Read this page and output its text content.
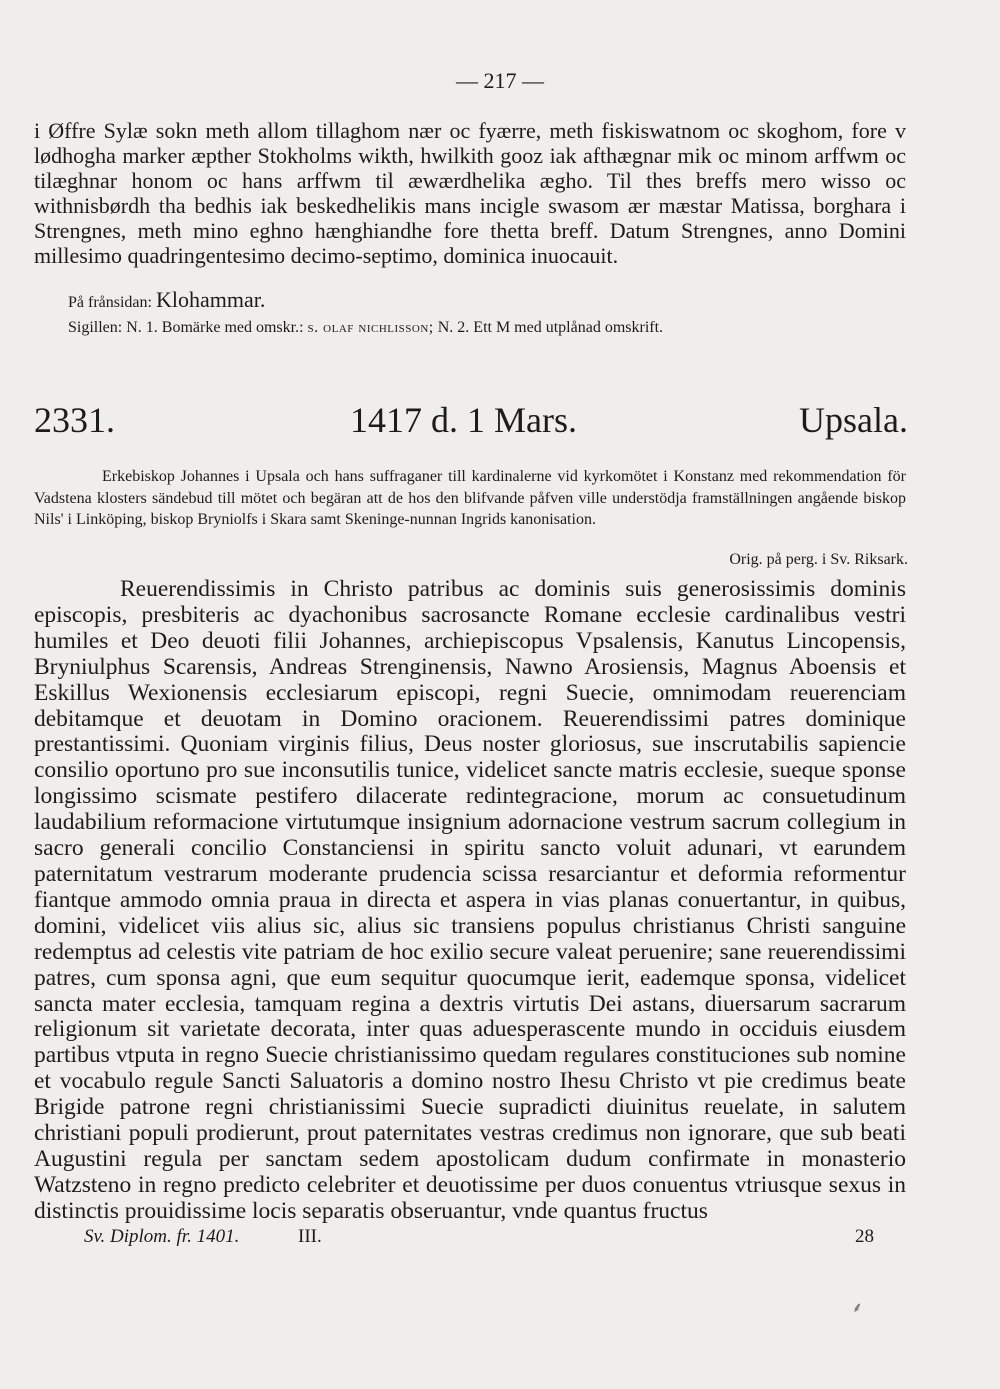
— 217 —
i Øffre Sylæ sokn meth allom tillaghom nær oc fyærre, meth fiskiswatnom oc skoghom, fore v lødhogha marker æpther Stokholms wikth, hwilkith gooz iak afthægnar mik oc minom arffwm oc tilæghnar honom oc hans arffwm til æwærdhelika ægho. Til thes breffs mero wisso oc withnisbørdh tha bedhis iak beskedhelikis mans incigle swasom ær mæstar Matissa, borghara i Strengnes, meth mino eghno hænghiandhe fore thetta breff. Datum Strengnes, anno Domini millesimo quadringentesimo decimo-septimo, dominica inuocauit.
På frånsidan: Klohammar.
Sigillen: N. 1. Bomärke med omskr.: s. olaf nichlisson; N. 2. Ett M med utplånad omskrift.
2331.	1417 d. 1 Mars.	Upsala.
Erkebiskop Johannes i Upsala och hans suffraganer till kardinalerne vid kyrkomötet i Konstanz med rekommendation för Vadstena klosters sändebud till mötet och begäran att de hos den blifvande påfven ville understödja framställningen angående biskop Nils' i Linköping, biskop Bryniolfs i Skara samt Skeninge-nunnan Ingrids kanonisation.
Orig. på perg. i Sv. Riksark.
Reuerendissimis in Christo patribus ac dominis suis generosissimis dominis episcopis, presbiteris ac dyachonibus sacrosancte Romane ecclesie cardinalibus vestri humiles et Deo deuoti filii Johannes, archiepiscopus Vpsalensis, Kanutus Lincopensis, Bryniulphus Scarensis, Andreas Strenginensis, Nawno Arosiensis, Magnus Aboensis et Eskillus Wexionensis ecclesiarum episcopi, regni Suecie, omnimodam reuerenciam debitamque et deuotam in Domino oracionem. Reuerendissimi patres dominique prestantissimi. Quoniam virginis filius, Deus noster gloriosus, sue inscrutabilis sapiencie consilio oportuno pro sue inconsutilis tunice, videlicet sancte matris ecclesie, sueque sponse longissimo scismate pestifero dilacerate redintegracione, morum ac consuetudinum laudabilium reformacione virtutumque insignium adornacione vestrum sacrum collegium in sacro generali concilio Constanciensi in spiritu sancto voluit adunari, vt earundem paternitatum vestrarum moderante prudencia scissa resarciantur et deformia reformentur fiantque ammodo omnia praua in directa et aspera in vias planas conuertantur, in quibus, domini, videlicet viis alius sic, alius sic transiens populus christianus Christi sanguine redemptus ad celestis vite patriam de hoc exilio secure valeat peruenire; sane reuerendissimi patres, cum sponsa agni, que eum sequitur quocumque ierit, eademque sponsa, videlicet sancta mater ecclesia, tamquam regina a dextris virtutis Dei astans, diuersarum sacrarum religionum sit varietate decorata, inter quas aduesperascente mundo in occiduis eiusdem partibus vtputa in regno Suecie christianissimo quedam regulares constituciones sub nomine et vocabulo regule Sancti Saluatoris a domino nostro Ihesu Christo vt pie credimus beate Brigide patrone regni christianissimi Suecie supradicti diuinitus reuelate, in salutem christiani populi prodierunt, prout paternitates vestras credimus non ignorare, que sub beati Augustini regula per sanctam sedem apostolicam dudum confirmate in monasterio Watzsteno in regno predicto celebriter et deuotissime per duos conuentus vtriusque sexus in distinctis prouidissime locis separatis obseruantur, vnde quantus fructus
Sv. Diplom. fr. 1401.	III.	28
⸙
